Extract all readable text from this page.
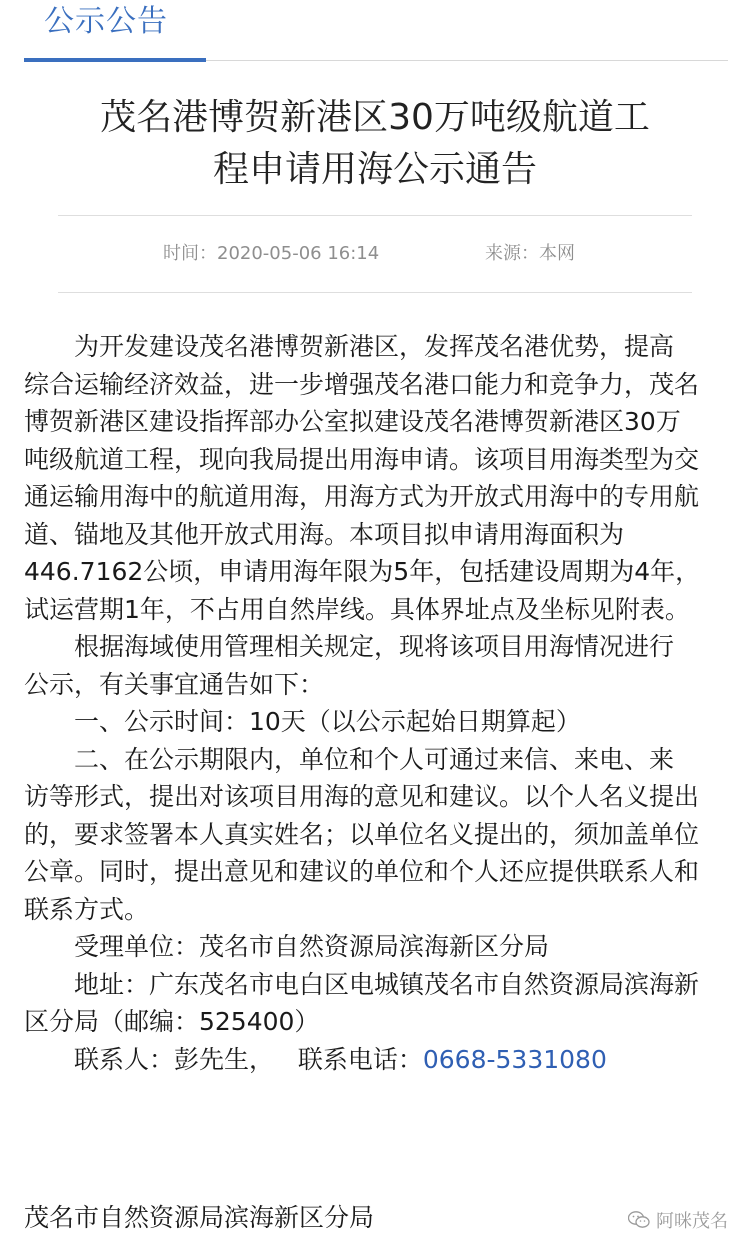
公示公告
茂名港博贺新港区30万吨级航道工
程申请用海公示通告
时间：2020-05-06 16:14	来源：本网

为开发建设茂名港博贺新港区，发挥茂名港优势，提高

综合运输经济效益，进一步增强茂名港口能力和竞争力，茂名

博贺新港区建设指挥部办公室拟建设茂名港博贺新港区30万

吨级航道工程，现向我局提出用海申请。该项目用海类型为交

通运输用海中的航道用海，用海方式为开放式用海中的专用航

道、锚地及其他开放式用海。本项目拟申请用海面积为

446.7162公顷，申请用海年限为5年，包括建设周期为4年，

试运营期1年，不占用自然岸线。具体界址点及坐标见附表。

根据海域使用管理相关规定，现将该项目用海情况进行

公示，有关事宜通告如下：

一、公示时间：10天（以公示起始日期算起）

二、在公示期限内，单位和个人可通过来信、来电、来

访等形式，提出对该项目用海的意见和建议。以个人名义提出

的，要求签署本人真实姓名；以单位名义提出的，须加盖单位

公章。同时，提出意见和建议的单位和个人还应提供联系人和

联系方式。

受理单位：茂名市自然资源局滨海新区分局

地址：广东茂名市电白区电城镇茂名市自然资源局滨海新

区分局（邮编：525400）

联系人：彭先生， 联系电话：0668-5331080

茂名市自然资源局滨海新区分局	阿咪茂名
